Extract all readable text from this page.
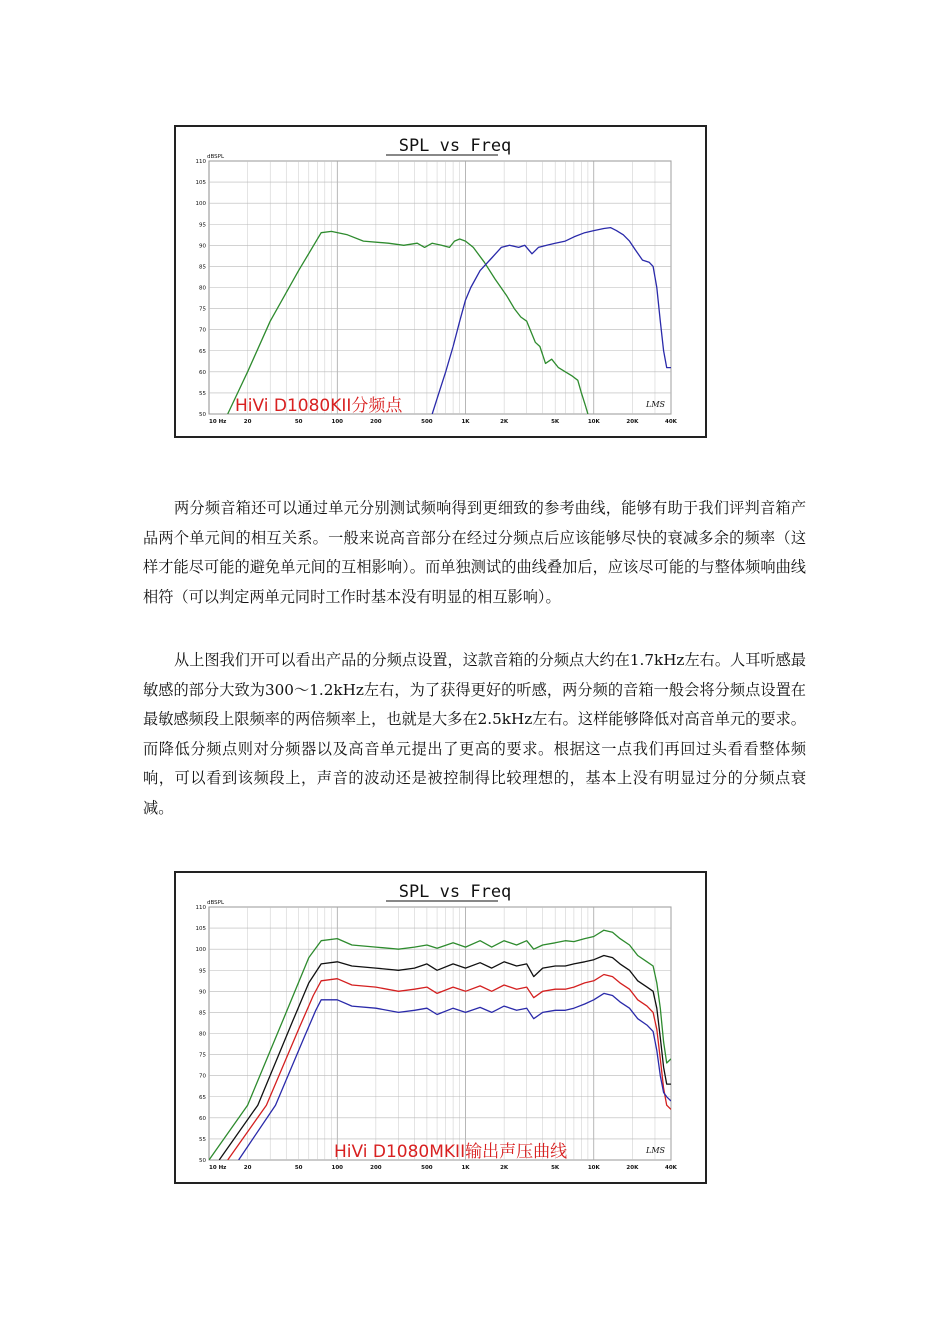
SPL vs Freq
dBSPL
50
55
60
65
70
75
80
85
90
95
100
105
110
10 Hz	20	50	100	200	500	1K	2K	5K	10K	20K	40K
HiVi D1080KII分频点	LMS

两分频音箱还可以通过单元分别测试频响得到更细致的参考曲线，能够有助于我们评判音箱产品两个单元间的相互关系。一般来说高音部分在经过分频点后应该能够尽快的衰减多余的频率（这样才能尽可能的避免单元间的互相影响）。而单独测试的曲线叠加后，应该尽可能的与整体频响曲线相符（可以判定两单元同时工作时基本没有明显的相互影响）。

从上图我们开可以看出产品的分频点设置，这款音箱的分频点大约在1.7kHz左右。人耳听感最敏感的部分大致为300～1.2kHz左右，为了获得更好的听感，两分频的音箱一般会将分频点设置在最敏感频段上限频率的两倍频率上，也就是大多在2.5kHz左右。这样能够降低对高音单元的要求。而降低分频点则对分频器以及高音单元提出了更高的要求。根据这一点我们再回过头看看整体频响，可以看到该频段上，声音的波动还是被控制得比较理想的，基本上没有明显过分的分频点衰减。

SPL vs Freq
dBSPL
50
55
60
65
70
75
80
85
90
95
100
105
110
10 Hz	20	50	100	200	500	1K	2K	5K	10K	20K	40K
HiVi D1080MKII输出声压曲线	LMS
